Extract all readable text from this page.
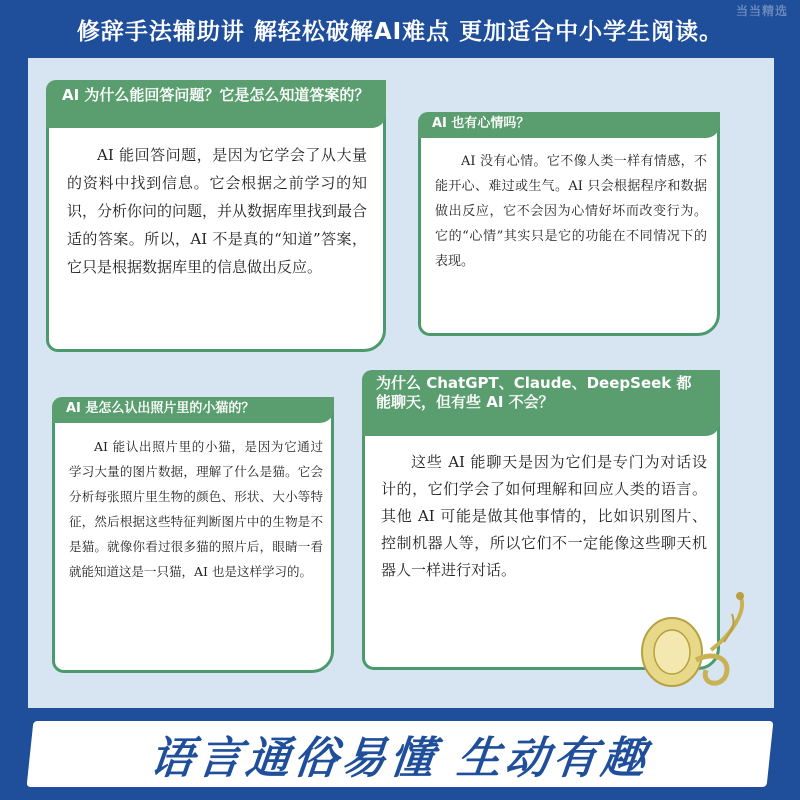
修辞手法辅助讲 解轻松破解AI难点 更加适合中小学生阅读。
当当精选
AI 为什么能回答问题？它是怎么知道答案的？
AI 能回答问题，是因为它学会了从大量的资料中找到信息。它会根据之前学习的知识，分析你问的问题，并从数据库里找到最合适的答案。所以，AI 不是真的“知道”答案，它只是根据数据库里的信息做出反应。
AI 也有心情吗？
AI 没有心情。它不像人类一样有情感，不能开心、难过或生气。AI 只会根据程序和数据做出反应，它不会因为心情好坏而改变行为。它的“心情”其实只是它的功能在不同情况下的表现。
AI 是怎么认出照片里的小猫的？
AI 能认出照片里的小猫，是因为它通过学习大量的图片数据，理解了什么是猫。它会分析每张照片里生物的颜色、形状、大小等特征，然后根据这些特征判断图片中的生物是不是猫。就像你看过很多猫的照片后，眼睛一看就能知道这是一只猫，AI 也是这样学习的。
为什么 ChatGPT、Claude、DeepSeek 都能聊天，但有些 AI 不会？
这些 AI 能聊天是因为它们是专门为对话设计的，它们学会了如何理解和回应人类的语言。其他 AI 可能是做其他事情的，比如识别图片、控制机器人等，所以它们不一定能像这些聊天机器人一样进行对话。
语言通俗易懂 生动有趣
